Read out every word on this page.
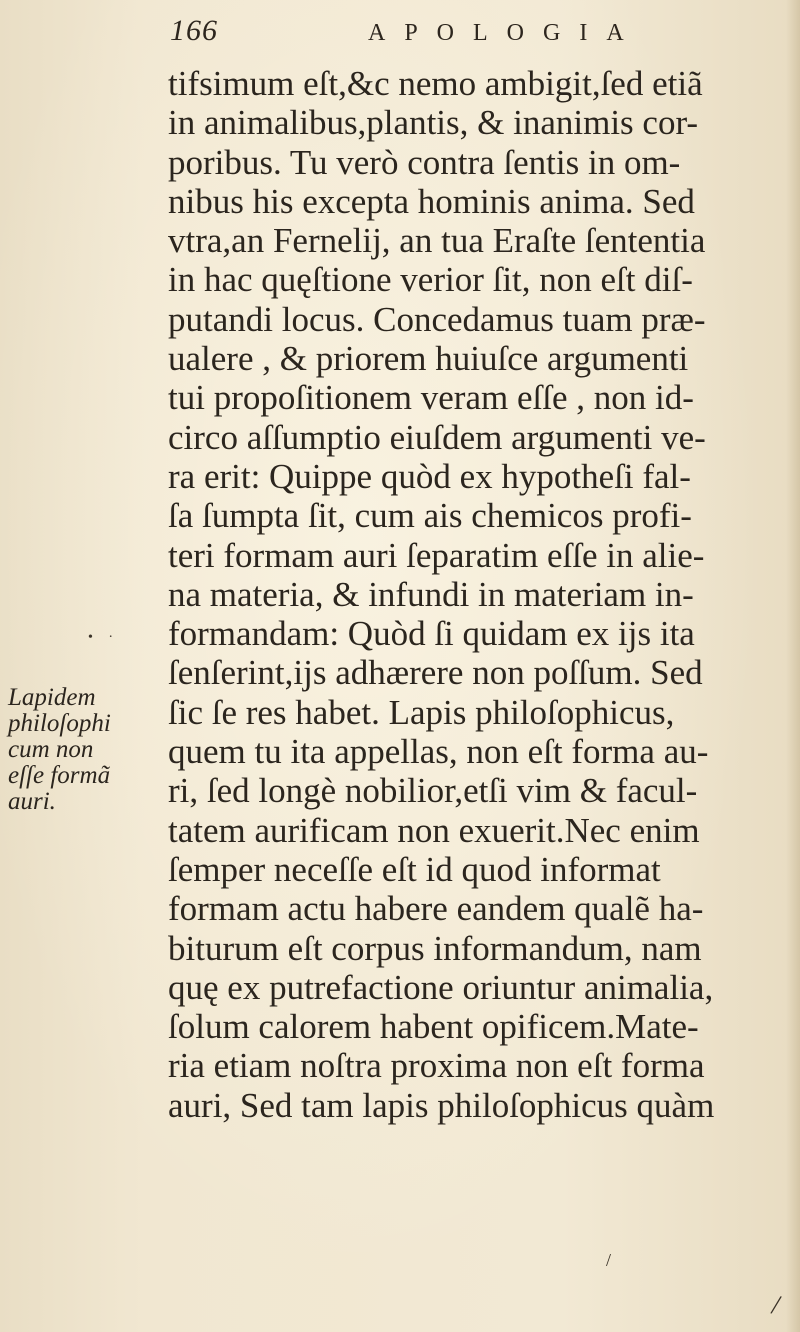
166	APOLOGIA
tifsimum eſt,&c nemo ambigit,ſed etiã
in animalibus,plantis, & inanimis cor-
poribus. Tu verò contra ſentis in om-
nibus his excepta hominis anima. Sed
vtra,an Fernelij, an tua Eraſte ſententia
in hac quęſtione verior ſit, non eſt diſ-
putandi locus. Concedamus tuam præ-
ualere , & priorem huiuſce argumenti
tui propoſitionem veram eſſe , non id-
circo aſſumptio eiuſdem argumenti ve-
ra erit: Quippe quòd ex hypotheſi fal-
ſa ſumpta ſit, cum ais chemicos profi-
teri formam auri ſeparatim eſſe in alie-
na materia, & infundi in materiam in-
formandam: Quòd ſi quidam ex ijs ita
ſenſerint,ijs adhærere non poſſum. Sed
ſic ſe res habet. Lapis philoſophicus,
quem tu ita appellas, non eſt forma au-
ri, ſed longè nobilior,etſi vim & facul-
tatem aurificam non exuerit.Nec enim
ſemper neceſſe eſt id quod informat
formam actu habere eandem qualẽ ha-
biturum eſt corpus informandum, nam
quę ex putrefactione oriuntur animalia,
ſolum calorem habent opificem.Mate-
ria etiam noſtra proxima non eſt forma
auri, Sed tam lapis philoſophicus quàm
Lapidem
philoſophi
cum non
eſſe formã
auri.
/
/
• ·
